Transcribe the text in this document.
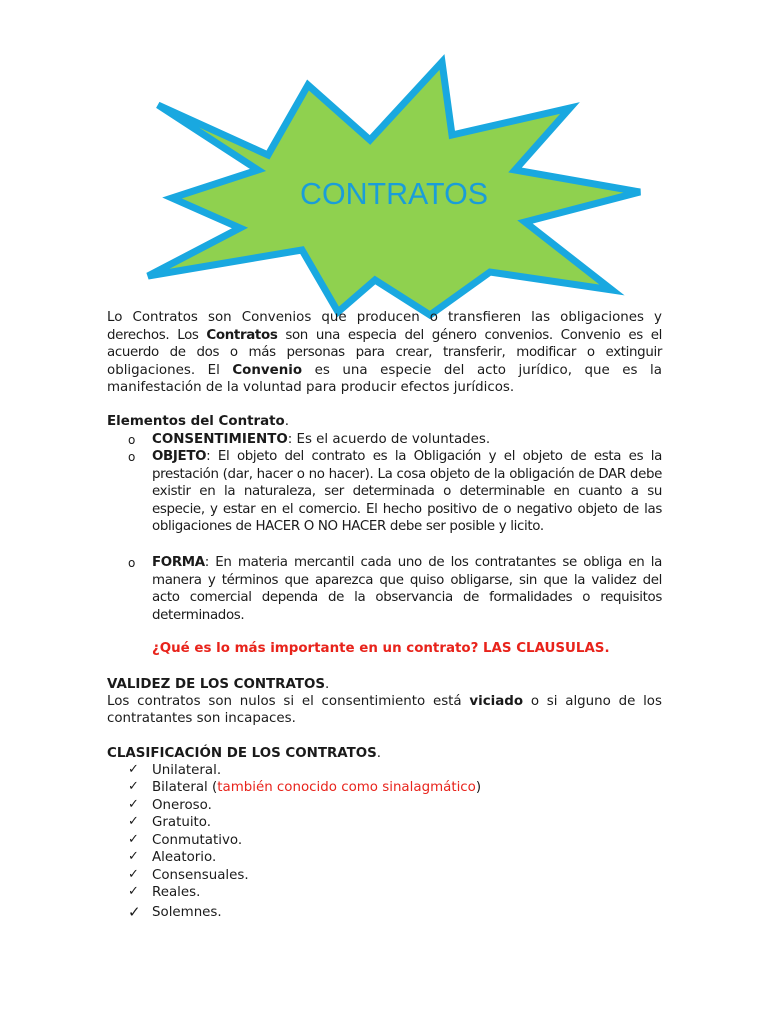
CONTRATOS
Lo Contratos son Convenios que producen o transfieren las obligaciones y
derechos. Los Contratos son una especia del género convenios. Convenio es el
acuerdo de dos o más personas para crear, transferir, modificar o extinguir
obligaciones. El Convenio es una especie del acto jurídico, que es la
manifestación de la voluntad para producir efectos jurídicos.
Elementos del Contrato.
o CONSENTIMIENTO: Es el acuerdo de voluntades.
o OBJETO: El objeto del contrato es la Obligación y el objeto de esta es la prestación (dar, hacer o no hacer). La cosa objeto de la obligación de DAR debe existir en la naturaleza, ser determinada o determinable en cuanto a su especie, y estar en el comercio. El hecho positivo de o negativo objeto de las obligaciones de HACER O NO HACER debe ser posible y licito.
o FORMA: En materia mercantil cada uno de los contratantes se obliga en la manera y términos que aparezca que quiso obligarse, sin que la validez del acto comercial dependa de la observancia de formalidades o requisitos determinados.
¿Qué es lo más importante en un contrato? LAS CLAUSULAS.
VALIDEZ DE LOS CONTRATOS.
Los contratos son nulos si el consentimiento está viciado o si alguno de los
contratantes son incapaces.
CLASIFICACIÓN DE LOS CONTRATOS.
✓ Unilateral.
✓ Bilateral (también conocido como sinalagmático)
✓ Oneroso.
✓ Gratuito.
✓ Conmutativo.
✓ Aleatorio.
✓ Consensuales.
✓ Reales.
✓ Solemnes.
